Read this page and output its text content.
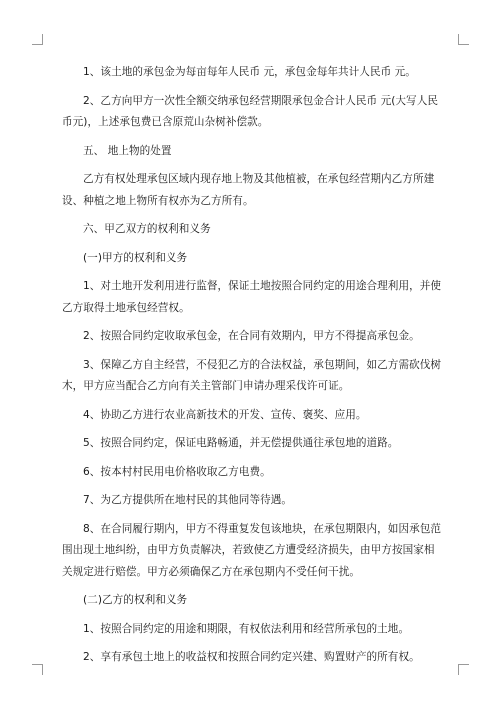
1、该土地的承包金为每亩每年人民币 元，承包金每年共计人民币 元。

2、乙方向甲方一次性全额交纳承包经营期限承包金合计人民币 元(大写人民币元)，上述承包费已含原荒山杂树补偿款。

五、 地上物的处置

乙方有权处理承包区域内现存地上物及其他植被，在承包经营期内乙方所建设、种植之地上物所有权亦为乙方所有。

六、甲乙双方的权利和义务

(一)甲方的权利和义务

1、对土地开发利用进行监督，保证土地按照合同约定的用途合理利用，并使乙方取得土地承包经营权。

2、按照合同约定收取承包金，在合同有效期内，甲方不得提高承包金。

3、保障乙方自主经营，不侵犯乙方的合法权益，承包期间，如乙方需砍伐树木，甲方应当配合乙方向有关主管部门申请办理采伐许可证。

4、协助乙方进行农业高新技术的开发、宣传、褒奖、应用。

5、按照合同约定，保证电路畅通，并无偿提供通往承包地的道路。

6、按本村村民用电价格收取乙方电费。

7、为乙方提供所在地村民的其他同等待遇。

8、在合同履行期内，甲方不得重复发包该地块，在承包期限内，如因承包范围出现土地纠纷，由甲方负责解决，若致使乙方遭受经济损失，由甲方按国家相关规定进行赔偿。甲方必须确保乙方在承包期内不受任何干扰。

(二)乙方的权利和义务

1、按照合同约定的用途和期限，有权依法利用和经营所承包的土地。

2、享有承包土地上的收益权和按照合同约定兴建、购置财产的所有权。
